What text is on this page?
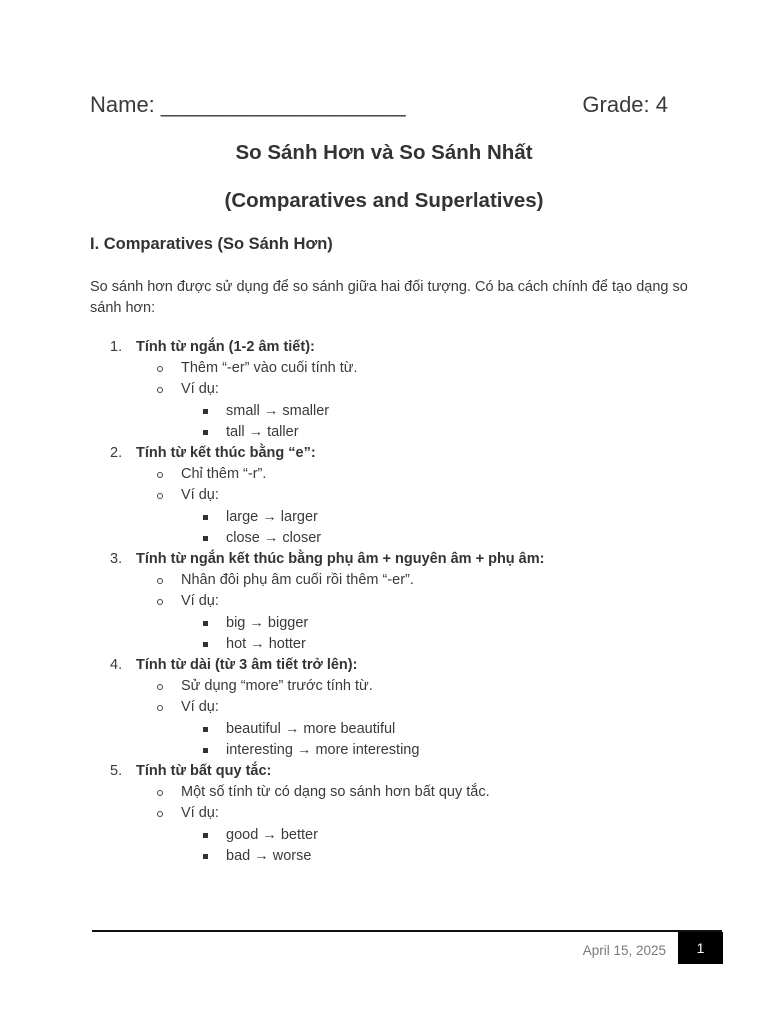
Name: ____________________	Grade: 4
So Sánh Hơn và So Sánh Nhất
(Comparatives and Superlatives)
I. Comparatives (So Sánh Hơn)
So sánh hơn được sử dụng để so sánh giữa hai đối tượng. Có ba cách chính để tạo dạng so sánh hơn:
1. Tính từ ngắn (1-2 âm tiết):
Thêm “-er” vào cuối tính từ.
Ví dụ:
small → smaller
tall → taller
2. Tính từ kết thúc bằng “e”:
Chỉ thêm “-r”.
Ví dụ:
large → larger
close → closer
3. Tính từ ngắn kết thúc bằng phụ âm + nguyên âm + phụ âm:
Nhân đôi phụ âm cuối rồi thêm “-er”.
Ví dụ:
big → bigger
hot → hotter
4. Tính từ dài (từ 3 âm tiết trở lên):
Sử dụng “more” trước tính từ.
Ví dụ:
beautiful → more beautiful
interesting → more interesting
5. Tính từ bất quy tắc:
Một số tính từ có dạng so sánh hơn bất quy tắc.
Ví dụ:
good → better
bad → worse
April 15, 2025	1
